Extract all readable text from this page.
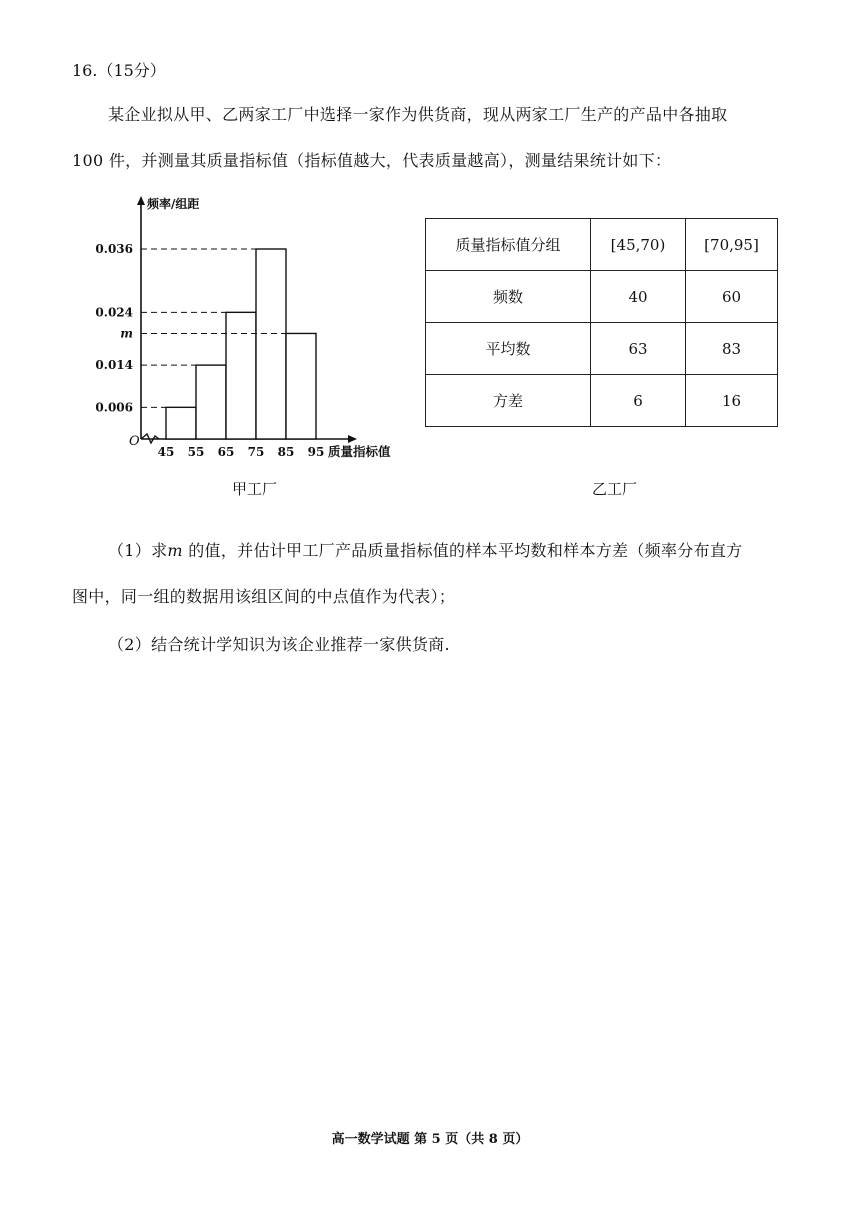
16.（15分）
某企业拟从甲、乙两家工厂中选择一家作为供货商，现从两家工厂生产的产品中各抽取
100 件，并测量其质量指标值（指标值越大，代表质量越高），测量结果统计如下：
O
频率/组距
质量指标值
45 55 65 75 85 95
0.036
0.024
m
0.014
0.006
甲工厂
质量指标值分组	[45,70)	[70,95]
频数	40	60
平均数	63	83
方差	6	16
乙工厂
（1）求m 的值，并估计甲工厂产品质量指标值的样本平均数和样本方差（频率分布直方
图中，同一组的数据用该组区间的中点值作为代表）；
（2）结合统计学知识为该企业推荐一家供货商.
高一数学试题 第 5 页（共 8 页）
